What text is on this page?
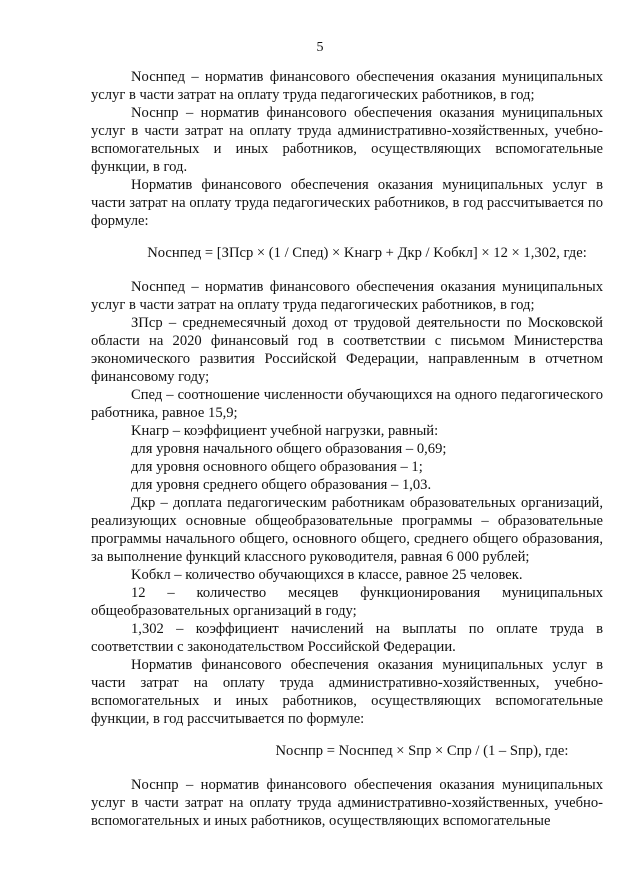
5

Nоснпед – норматив финансового обеспечения оказания муниципальных услуг в части затрат на оплату труда педагогических работников, в год;

Nоснпр – норматив финансового обеспечения оказания муниципальных услуг в части затрат на оплату труда административно-хозяйственных, учебно-вспомогательных и иных работников, осуществляющих вспомогательные функции, в год.

Норматив финансового обеспечения оказания муниципальных услуг в части затрат на оплату труда педагогических работников, в год рассчитывается по формуле:

Nоснпед = [ЗПср × (1 / Спед) × Kнагр + Дкр / Kобкл] × 12 × 1,302, где:

Nоснпед – норматив финансового обеспечения оказания муниципальных услуг в части затрат на оплату труда педагогических работников, в год;

ЗПср – среднемесячный доход от трудовой деятельности по Московской области на 2020 финансовый год в соответствии с письмом Министерства экономического развития Российской Федерации, направленным в отчетном финансовому году;

Спед – соотношение численности обучающихся на одного педагогического работника, равное 15,9;

Kнагр – коэффициент учебной нагрузки, равный:

для уровня начального общего образования – 0,69;

для уровня основного общего образования – 1;

для уровня среднего общего образования – 1,03.

Дкр – доплата педагогическим работникам образовательных организаций, реализующих основные общеобразовательные программы – образовательные программы начального общего, основного общего, среднего общего образования, за выполнение функций классного руководителя, равная 6 000 рублей;

Kобкл – количество обучающихся в классе, равное 25 человек.

12 – количество месяцев функционирования муниципальных общеобразовательных организаций в году;

1,302 – коэффициент начислений на выплаты по оплате труда в соответствии с законодательством Российской Федерации.

Норматив финансового обеспечения оказания муниципальных услуг в части затрат на оплату труда административно-хозяйственных, учебно-вспомогательных и иных работников, осуществляющих вспомогательные функции, в год рассчитывается по формуле:

Nоснпр = Nоснпед × Sпр × Спр / (1 – Sпр), где:

Nоснпр – норматив финансового обеспечения оказания муниципальных услуг в части затрат на оплату труда административно-хозяйственных, учебно-вспомогательных и иных работников, осуществляющих вспомогательные
